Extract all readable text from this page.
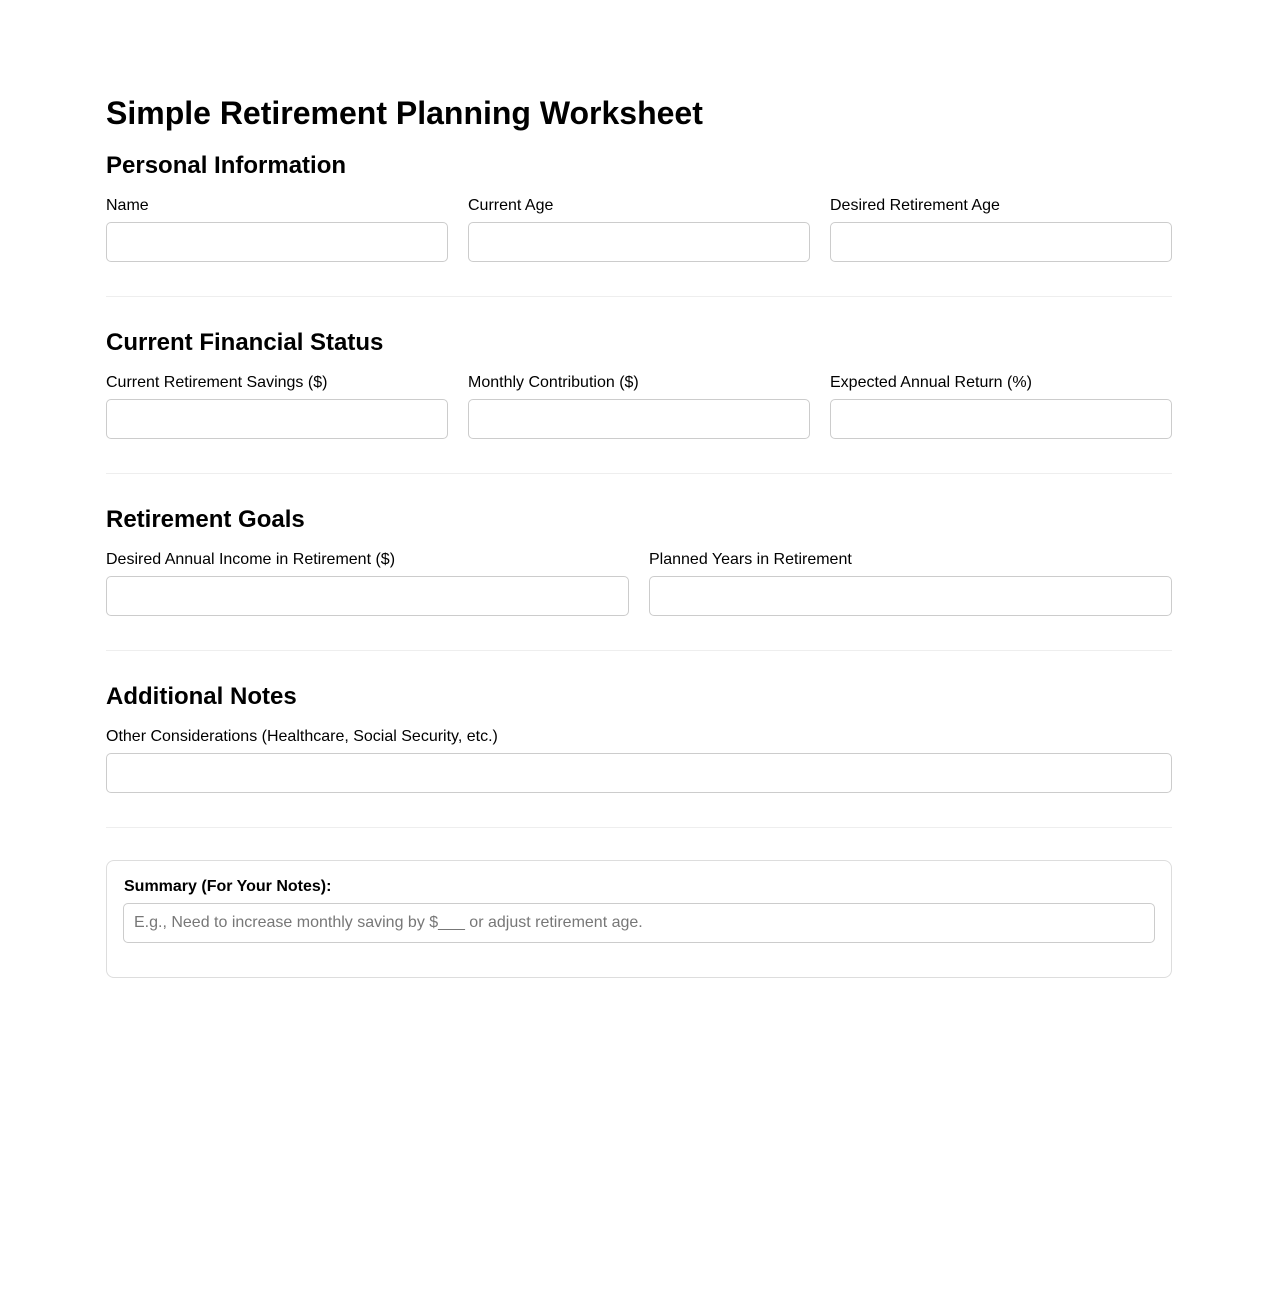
Simple Retirement Planning Worksheet
Personal Information
Name	Current Age	Desired Retirement Age
Current Financial Status
Current Retirement Savings ($)	Monthly Contribution ($)	Expected Annual Return (%)
Retirement Goals
Desired Annual Income in Retirement ($)	Planned Years in Retirement
Additional Notes
Other Considerations (Healthcare, Social Security, etc.)
Summary (For Your Notes):
E.g., Need to increase monthly saving by $___ or adjust retirement age.
